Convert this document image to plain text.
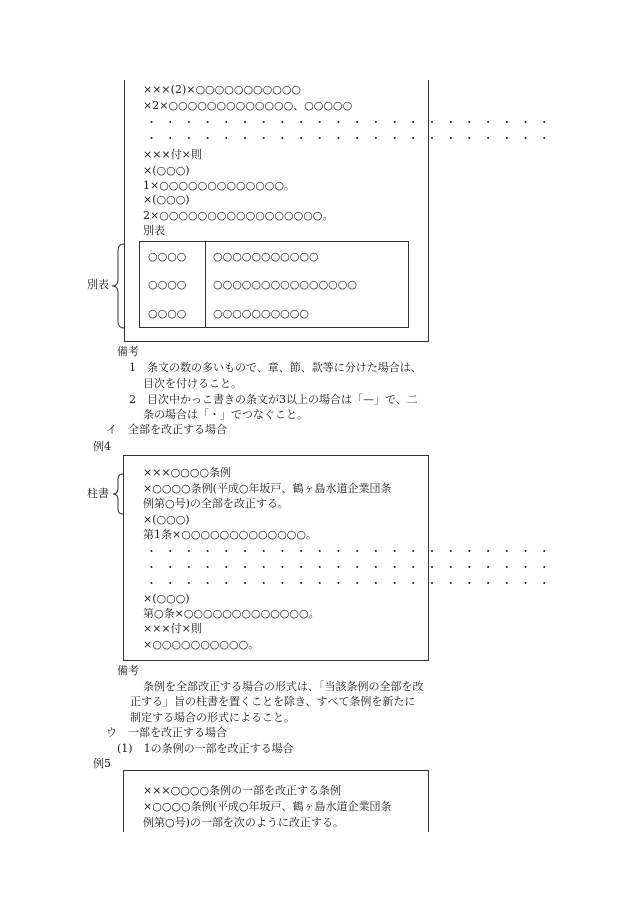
×××(2)×○○○○○○○○○○○
×2×○○○○○○○○○○○○○、○○○○○
・・・・・・・・・・・・・・・・・・・・・・
・・・・・・・・・・・・・・・・・・・・・・
×××付×則
×(○○○)
1×○○○○○○○○○○○○○。
×(○○○)
2×○○○○○○○○○○○○○○○○○。
別表
別表
○○○○ ○○○○○○○○○○○
○○○○ ○○○○○○○○○○○○○○○
○○○○ ○○○○○○○○○○
備考
1　条文の数の多いもので、章、節、款等に分けた場合は、
目次を付けること。
2　目次中かっこ書きの条文が3以上の場合は「—」で、二
条の場合は「・」でつなぐこと。
イ　全部を改正する場合
例4
柱書
×××○○○○条例
×○○○○条例(平成○年坂戸、鶴ヶ島水道企業団条
例第○号)の全部を改正する。
×(○○○)
第1条×○○○○○○○○○○○○○。
・・・・・・・・・・・・・・・・・・・・・・
・・・・・・・・・・・・・・・・・・・・・・
・・・・・・・・・・・・・・・・・・・・・・
×(○○○)
第○条×○○○○○○○○○○○○○。
×××付×則
×○○○○○○○○○○。
備考
条例を全部改正する場合の形式は、「当該条例の全部を改
正する」旨の柱書を置くことを除き、すべて条例を新たに
制定する場合の形式によること。
ウ　一部を改正する場合
(1)　1の条例の一部を改正する場合
例5
×××○○○○条例の一部を改正する条例
×○○○○条例(平成○年坂戸、鶴ヶ島水道企業団条
例第○号)の一部を次のように改正する。
